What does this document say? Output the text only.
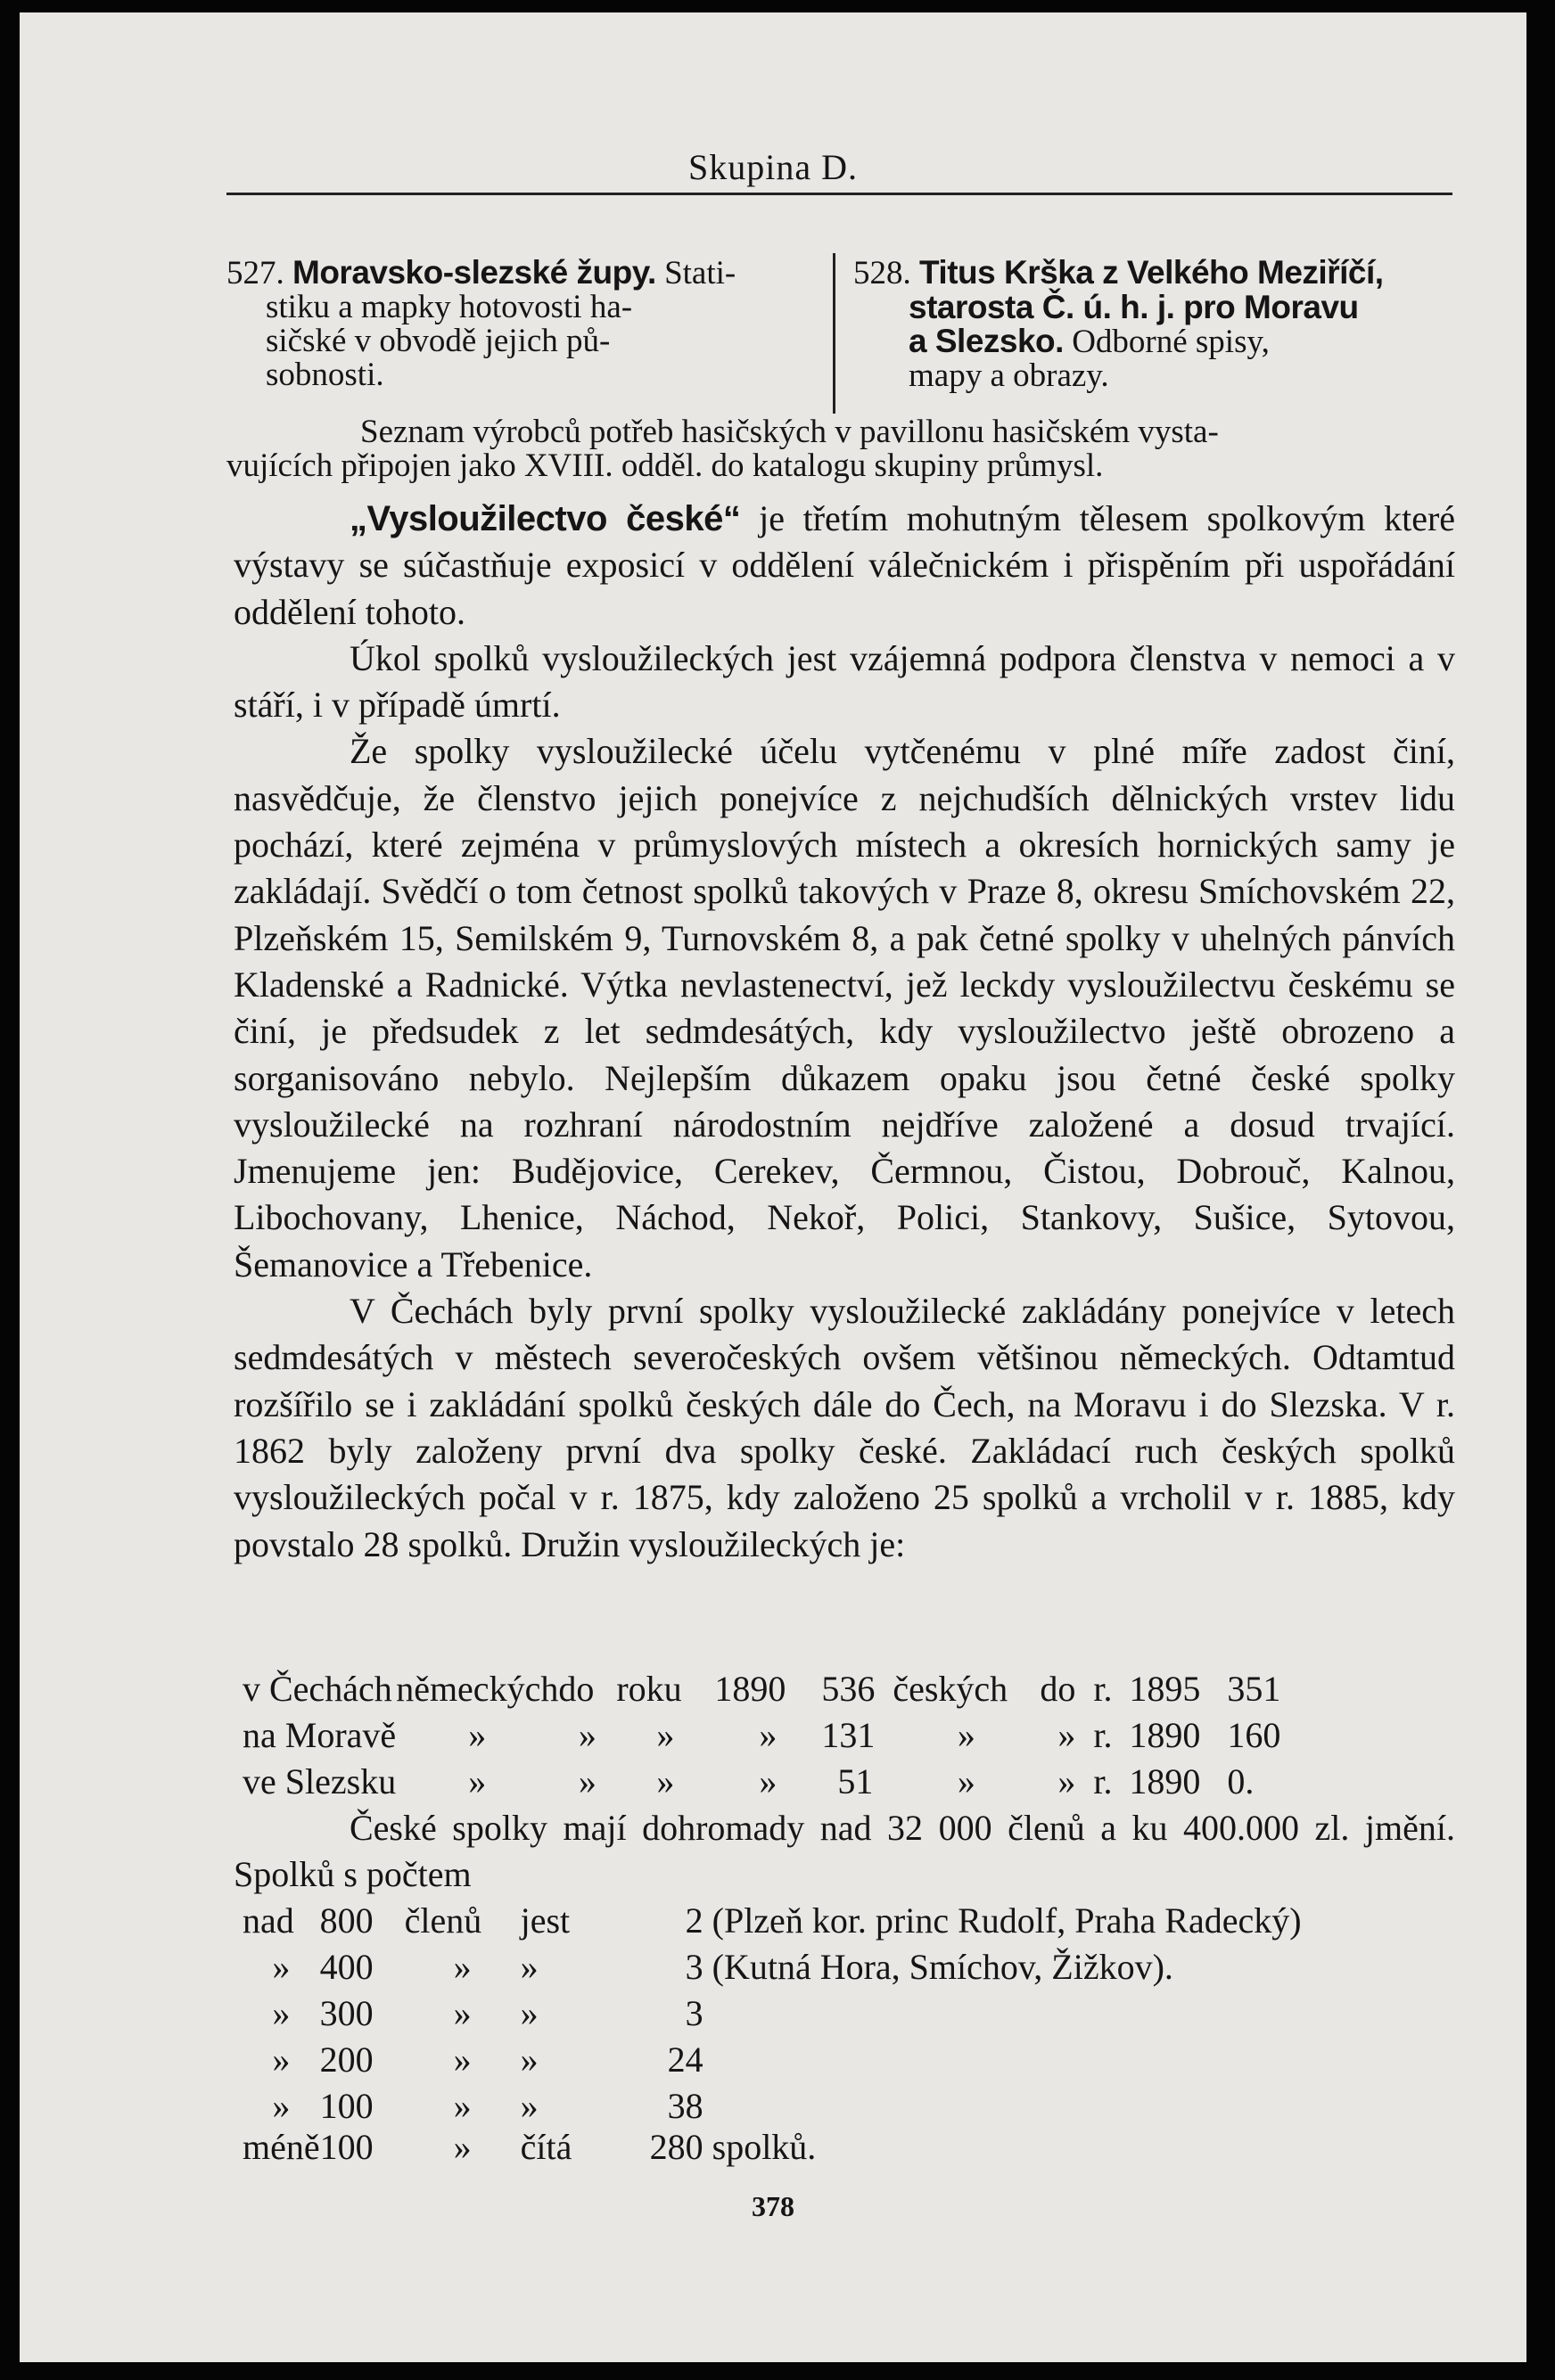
Skupina D.
527. Moravsko-slezské župy. Stati-
stiku a mapky hotovosti ha-
sičské v obvodě jejich pů-
sobnosti.
528. Titus Krška z Velkého Meziříčí,
starosta Č. ú. h. j. pro Moravu
a Slezsko. Odborné spisy,
mapy a obrazy.
Seznam výrobců potřeb hasičských v pavillonu hasičském vysta-
vujících připojen jako XVIII. odděl. do katalogu skupiny průmysl.

„Vysloužilectvo české“ je třetím mohutným tělesem spolkovým které výstavy se súčastňuje exposicí v oddělení válečnickém i přispěním při uspořádání oddělení tohoto.

Úkol spolků vysloužileckých jest vzájemná podpora členstva v nemoci a v stáří, i v případě úmrtí.

Že spolky vysloužilecké účelu vytčenému v plné míře zadost činí, nasvědčuje, že členstvo jejich ponejvíce z nejchudších dělnických vrstev lidu pochází, které zejména v průmyslových místech a okresích hornických samy je zakládají. Svědčí o tom četnost spolků takových v Praze 8, okresu Smíchovském 22, Plzeňském 15, Semilském 9, Turnovském 8, a pak četné spolky v uhelných pánvích Kladenské a Radnické. Výtka nevlastenectví, jež leckdy vysloužilectvu českému se činí, je předsudek z let sedmdesátých, kdy vysloužilectvo ještě obrozeno a sorganisováno nebylo. Nejlepším důkazem opaku jsou četné české spolky vysloužilecké na rozhraní národostním nejdříve založené a dosud trvající. Jmenujeme jen: Budějovice, Cerekev, Čermnou, Čistou, Dobrouč, Kalnou, Libochovany, Lhenice, Náchod, Nekoř, Polici, Stankovy, Sušice, Sytovou, Šemanovice a Třebenice.

V Čechách byly první spolky vysloužilecké zakládány ponejvíce v letech sedmdesátých v městech severočeských ovšem většinou německých. Odtamtud rozšířilo se i zakládání spolků českých dále do Čech, na Moravu i do Slezska. V r. 1862 byly založeny první dva spolky české. Zakládací ruch českých spolků vysloužileckých počal v r. 1875, kdy založeno 25 spolků a vrcholil v r. 1885, kdy povstalo 28 spolků. Družin vysloužileckých je:

v Čechách	německých	do	roku	1890	536	českých	do	r.	1895	351
na Moravě	»	»	»	»	131	»	»	r.	1890	160
ve Slezsku	»	»	»	»	51	»	»	r.	1890	0.

České spolky mají dohromady nad 32 000 členů a ku 400.000 zl. jmění. Spolků s počtem

nad	800	členů	jest	2	(Plzeň kor. princ Rudolf, Praha Radecký)
»	400	»	»	3	(Kutná Hora, Smíchov, Žižkov).
»	300	»	»	3	
»	200	»	»	24	
»	100	»	»	38	
méně	100	»	čítá	280	spolků.
378
